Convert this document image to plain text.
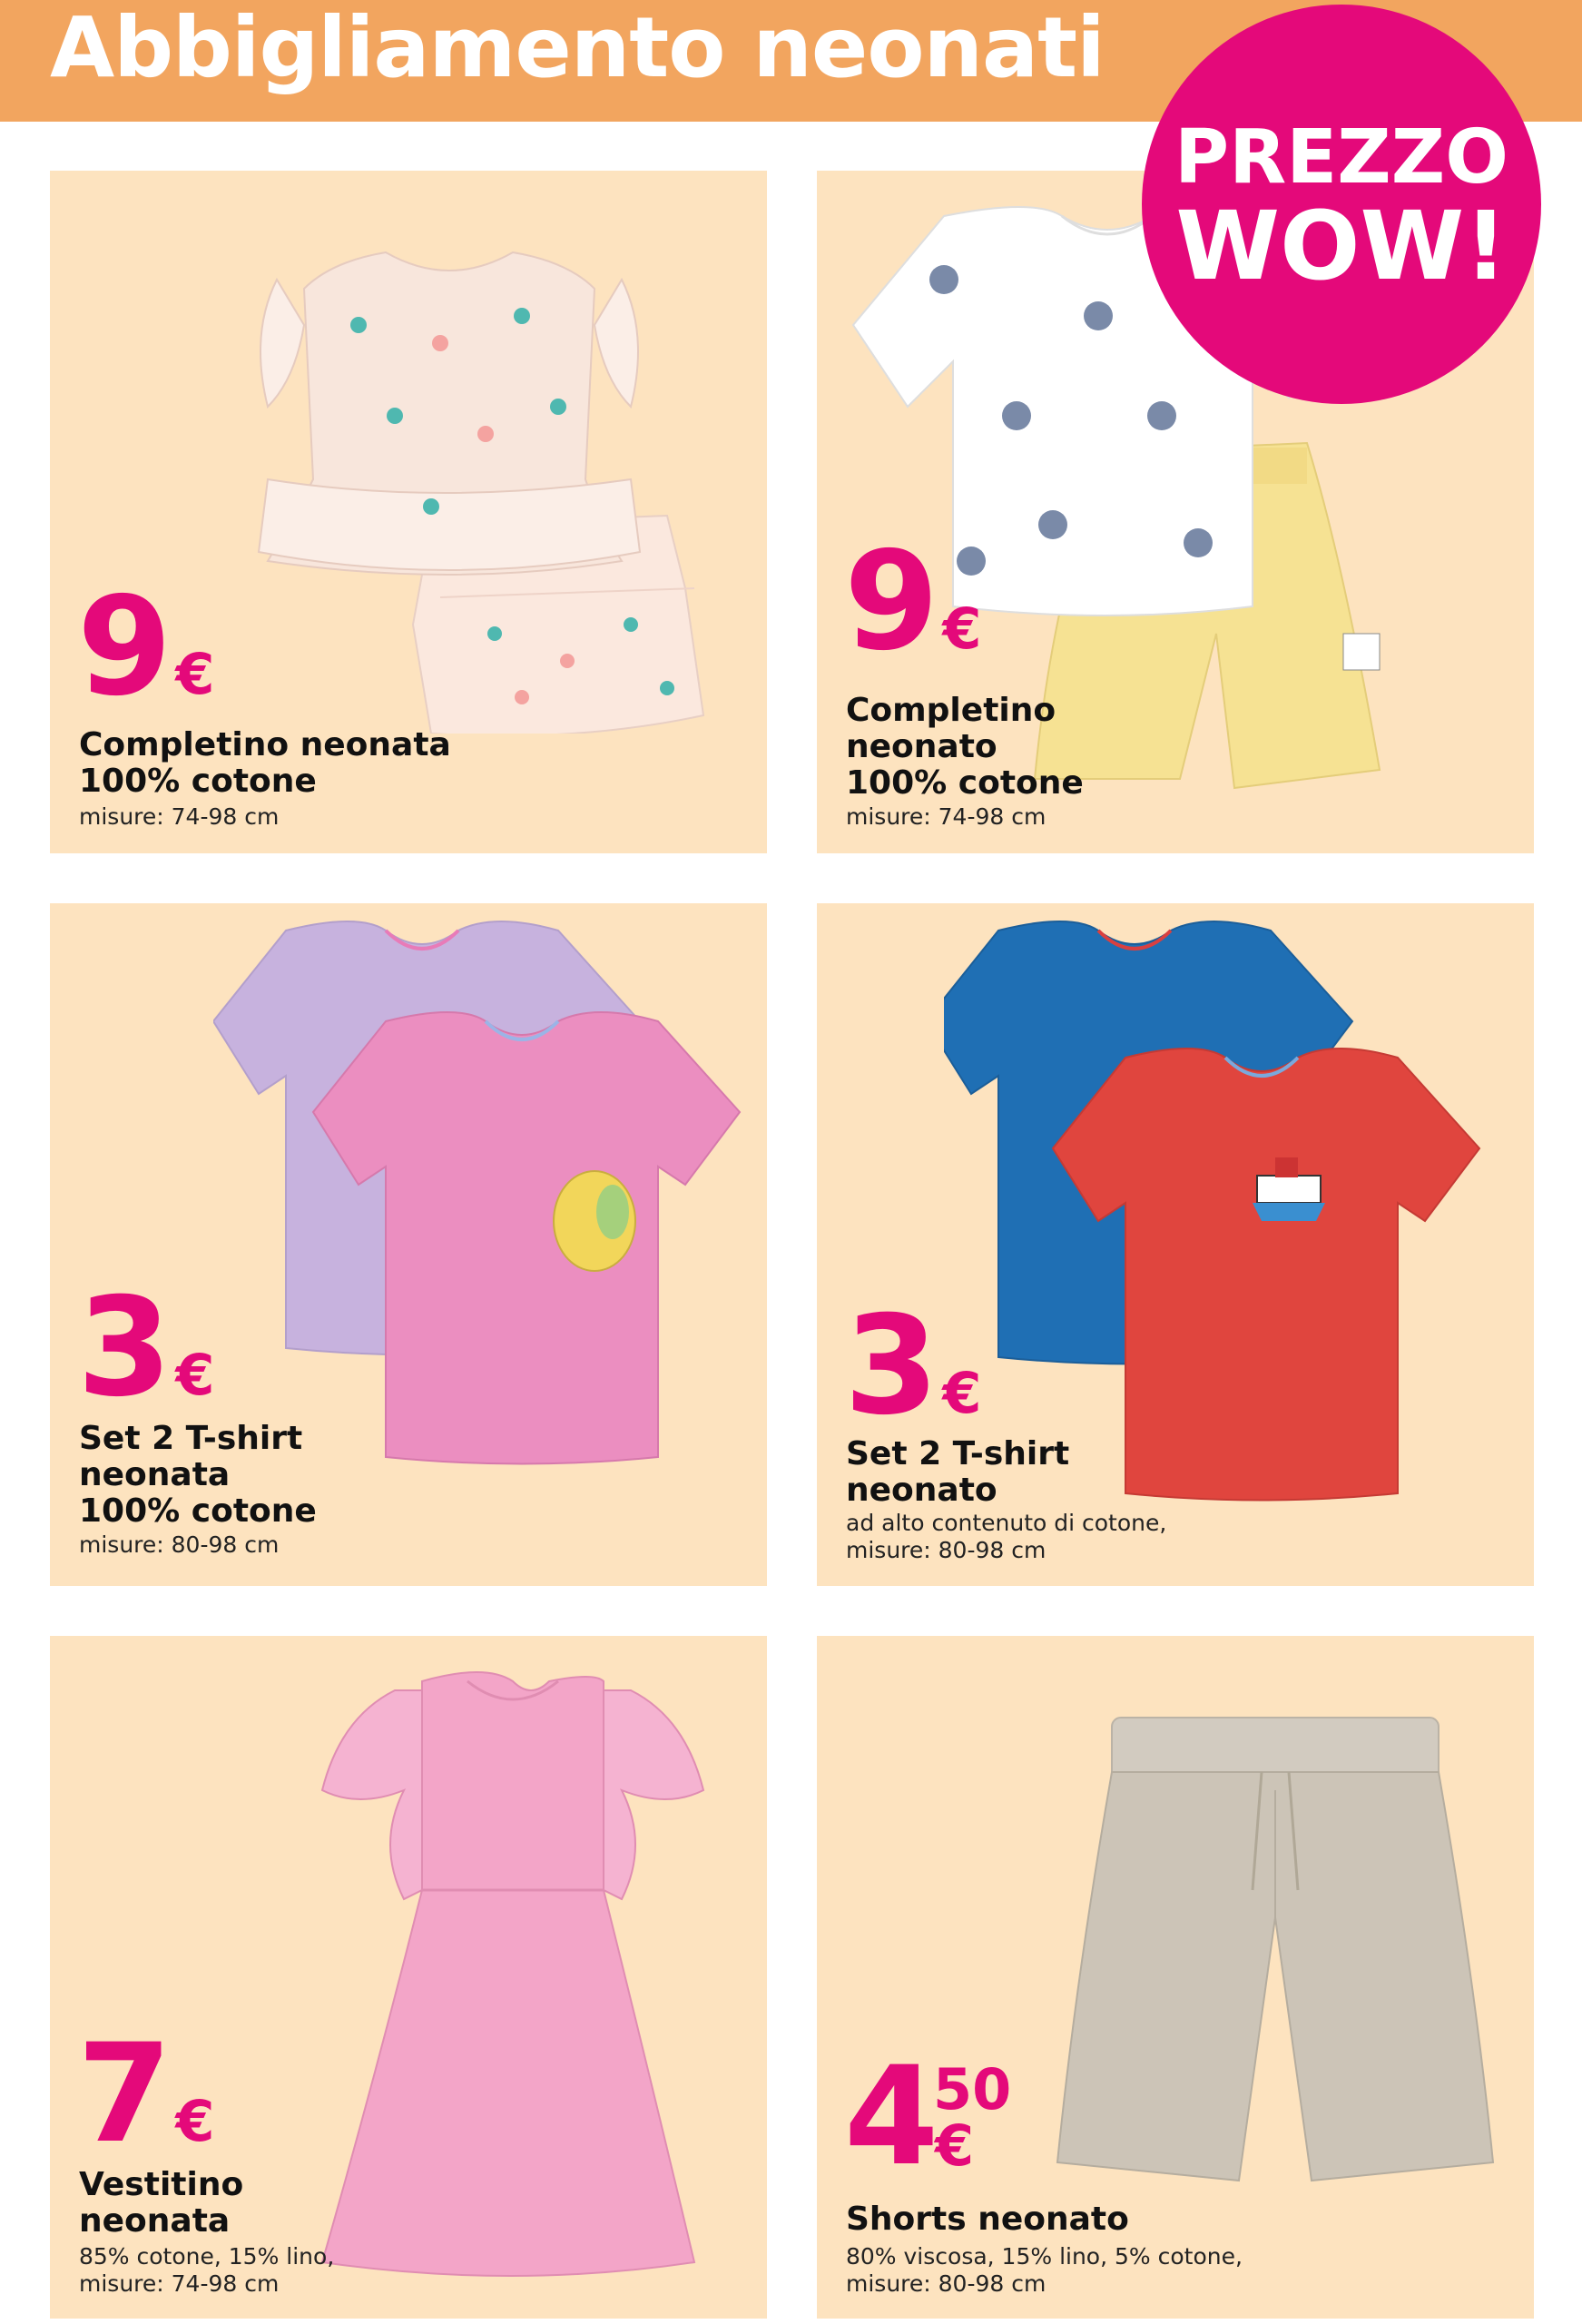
Abbigliamento neonati
PREZZO
WOW!
9 €
Completino neonata
100% cotone
misure: 74-98 cm
9 €
Completino
neonato
100% cotone
misure: 74-98 cm
3 €
Set 2 T-shirt
neonata
100% cotone
misure: 80-98 cm
3 €
Set 2 T-shirt
neonato
ad alto contenuto di cotone,
misure: 80-98 cm
7 €
Vestitino
neonata
85% cotone, 15% lino,
misure: 74-98 cm
4 50
€
Shorts neonato
80% viscosa, 15% lino, 5% cotone,
misure: 80-98 cm
